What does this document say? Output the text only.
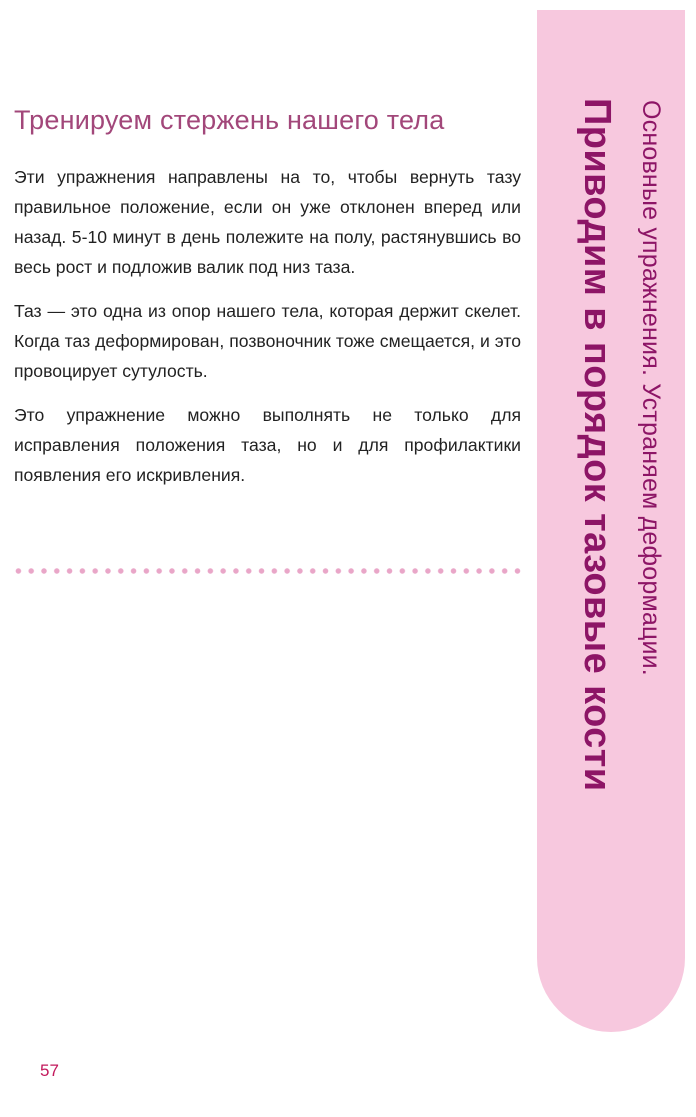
Тренируем стержень нашего тела

Эти упражнения направлены на то, чтобы вернуть тазу правильное положение, если он уже отклонен вперед или назад. 5-10 минут в день полежите на полу, растянувшись во весь рост и подложив валик под низ таза.

Таз — это одна из опор нашего тела, которая держит скелет. Когда таз деформирован, позвоночник тоже смещается, и это провоцирует сутулость.

Это упражнение можно выполнять не только для исправления положения таза, но и для профилактики появления его искривления.	Приводим в порядок тазовые кости Основные упражнения. Устраняем деформации.
57
